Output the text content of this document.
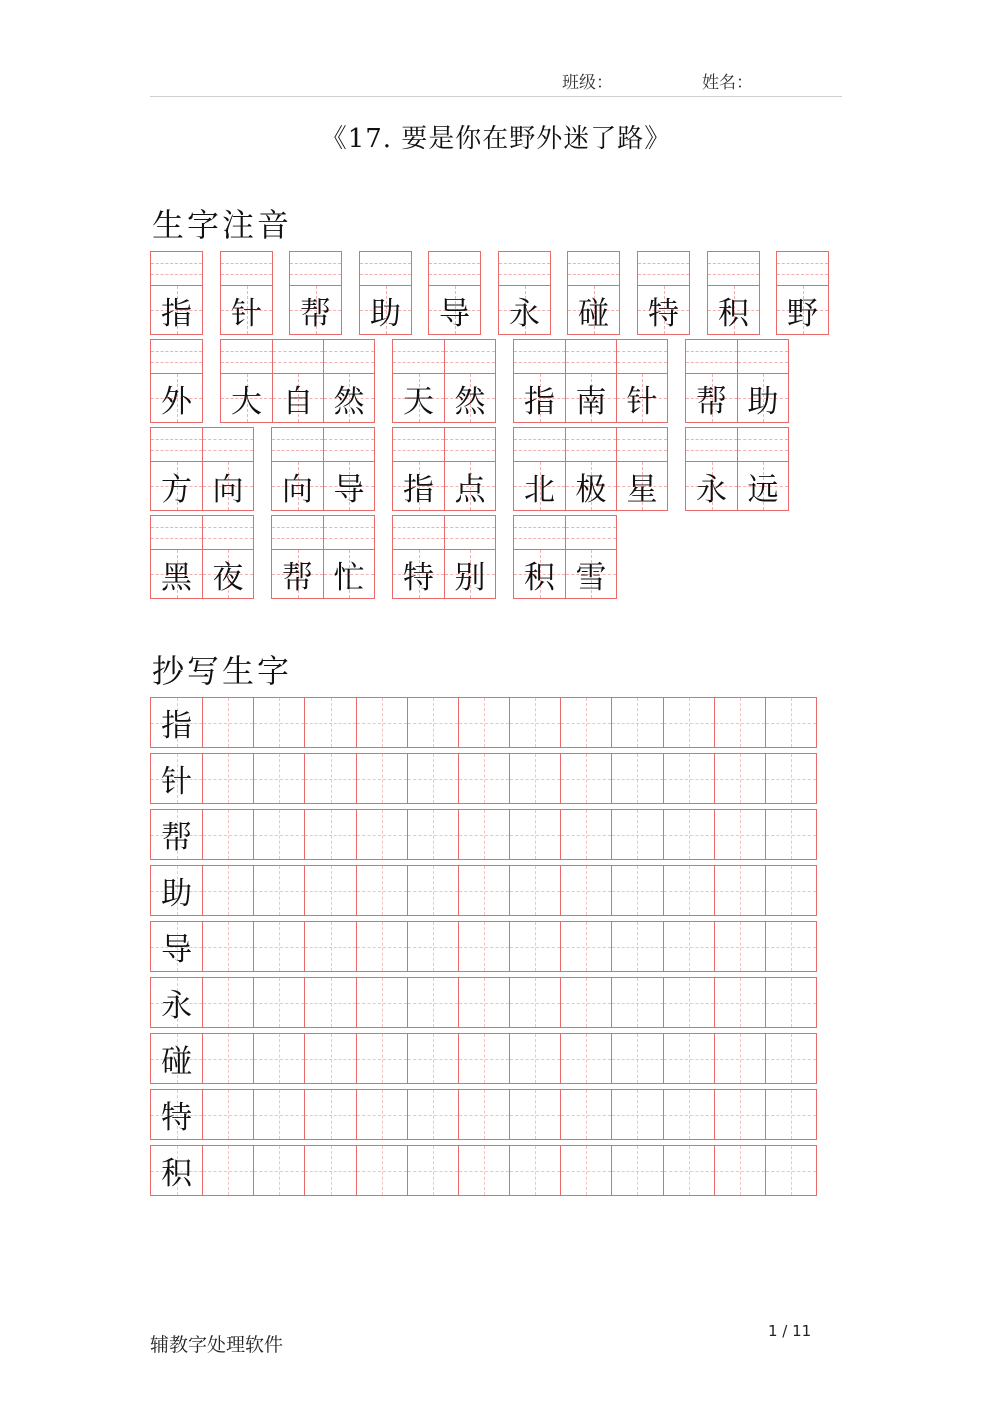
班级：	姓名：
《17. 要是你在野外迷了路》
生字注音
指 针 帮 助 导 永 碰 特 积 野
外 大 自 然 天 然 指 南 针 帮 助
方 向 向 导 指 点 北 极 星 永 远
黑 夜 帮 忙 特 别 积 雪
抄写生字
指
针
帮
助
导
永
碰
特
积
辅教字处理软件
1 / 11
